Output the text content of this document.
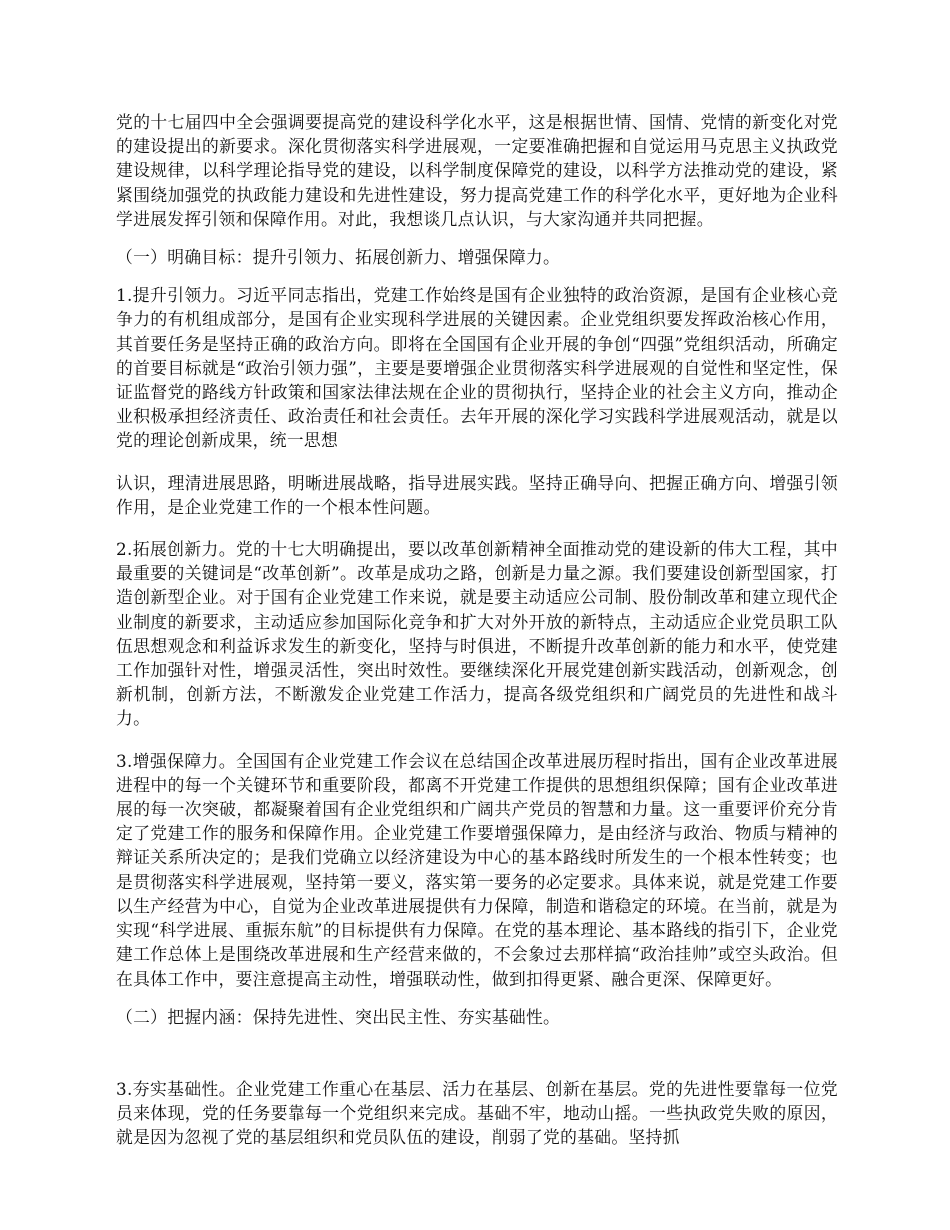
党的十七届四中全会强调要提高党的建设科学化水平，这是根据世情、国情、党情的新变化对党的建设提出的新要求。深化贯彻落实科学进展观，一定要准确把握和自觉运用马克思主义执政党建设规律，以科学理论指导党的建设，以科学制度保障党的建设，以科学方法推动党的建设，紧紧围绕加强党的执政能力建设和先进性建设，努力提高党建工作的科学化水平，更好地为企业科学进展发挥引领和保障作用。对此，我想谈几点认识，与大家沟通并共同把握。

（一）明确目标：提升引领力、拓展创新力、增强保障力。

1.提升引领力。习近平同志指出，党建工作始终是国有企业独特的政治资源，是国有企业核心竞争力的有机组成部分，是国有企业实现科学进展的关键因素。企业党组织要发挥政治核心作用，其首要任务是坚持正确的政治方向。即将在全国国有企业开展的争创“四强”党组织活动，所确定的首要目标就是“政治引领力强”，主要是要增强企业贯彻落实科学进展观的自觉性和坚定性，保证监督党的路线方针政策和国家法律法规在企业的贯彻执行，坚持企业的社会主义方向，推动企业积极承担经济责任、政治责任和社会责任。去年开展的深化学习实践科学进展观活动，就是以党的理论创新成果，统一思想

认识，理清进展思路，明晰进展战略，指导进展实践。坚持正确导向、把握正确方向、增强引领作用，是企业党建工作的一个根本性问题。

2.拓展创新力。党的十七大明确提出，要以改革创新精神全面推动党的建设新的伟大工程，其中最重要的关键词是“改革创新”。改革是成功之路，创新是力量之源。我们要建设创新型国家，打造创新型企业。对于国有企业党建工作来说，就是要主动适应公司制、股份制改革和建立现代企业制度的新要求，主动适应参加国际化竞争和扩大对外开放的新特点，主动适应企业党员职工队伍思想观念和利益诉求发生的新变化，坚持与时俱进，不断提升改革创新的能力和水平，使党建工作加强针对性，增强灵活性，突出时效性。要继续深化开展党建创新实践活动，创新观念，创新机制，创新方法，不断激发企业党建工作活力，提高各级党组织和广阔党员的先进性和战斗力。

3.增强保障力。全国国有企业党建工作会议在总结国企改革进展历程时指出，国有企业改革进展进程中的每一个关键环节和重要阶段，都离不开党建工作提供的思想组织保障；国有企业改革进展的每一次突破，都凝聚着国有企业党组织和广阔共产党员的智慧和力量。这一重要评价充分肯定了党建工作的服务和保障作用。企业党建工作要增强保障力，是由经济与政治、物质与精神的辩证关系所决定的；是我们党确立以经济建设为中心的基本路线时所发生的一个根本性转变；也是贯彻落实科学进展观，坚持第一要义，落实第一要务的必定要求。具体来说，就是党建工作要以生产经营为中心，自觉为企业改革进展提供有力保障，制造和谐稳定的环境。在当前，就是为实现“科学进展、重振东航”的目标提供有力保障。在党的基本理论、基本路线的指引下，企业党建工作总体上是围绕改革进展和生产经营来做的，不会象过去那样搞“政治挂帅”或空头政治。但在具体工作中，要注意提高主动性，增强联动性，做到扣得更紧、融合更深、保障更好。

（二）把握内涵：保持先进性、突出民主性、夯实基础性。

3.夯实基础性。企业党建工作重心在基层、活力在基层、创新在基层。党的先进性要靠每一位党员来体现，党的任务要靠每一个党组织来完成。基础不牢，地动山摇。一些执政党失败的原因，就是因为忽视了党的基层组织和党员队伍的建设，削弱了党的基础。坚持抓
